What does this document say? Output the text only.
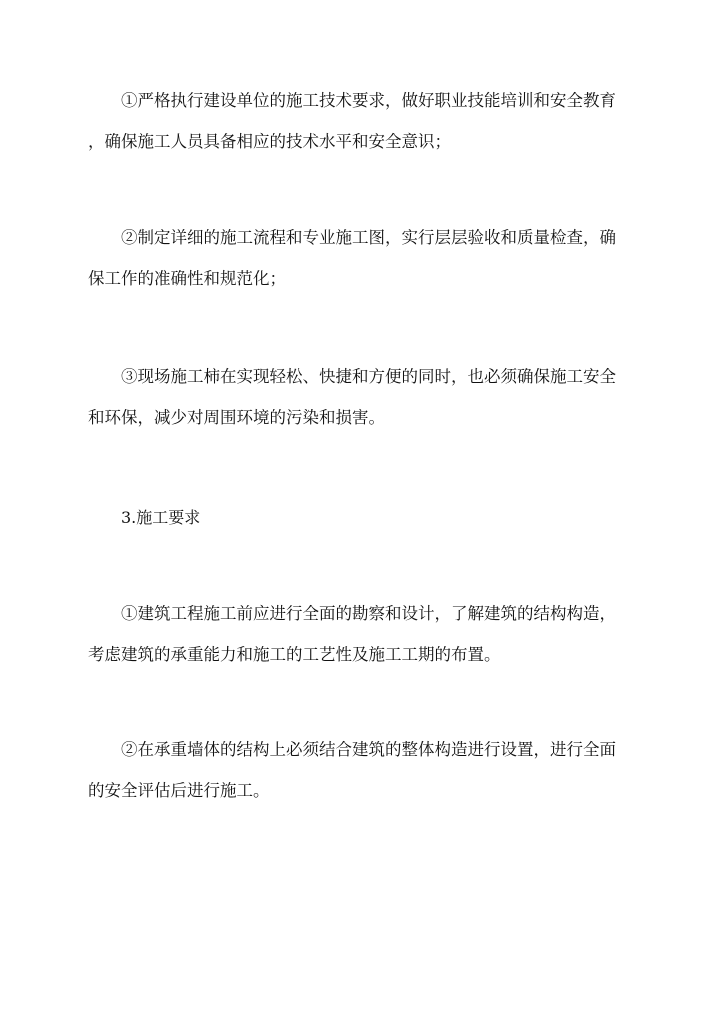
①严格执行建设单位的施工技术要求，做好职业技能培训和安全教育
，确保施工人员具备相应的技术水平和安全意识；

②制定详细的施工流程和专业施工图，实行层层验收和质量检查，确
保工作的准确性和规范化；

③现场施工柿在实现轻松、快捷和方便的同时，也必须确保施工安全
和环保，减少对周围环境的污染和损害。

3.施工要求

①建筑工程施工前应进行全面的勘察和设计，了解建筑的结构构造，
考虑建筑的承重能力和施工的工艺性及施工工期的布置。

②在承重墙体的结构上必须结合建筑的整体构造进行设置，进行全面
的安全评估后进行施工。
